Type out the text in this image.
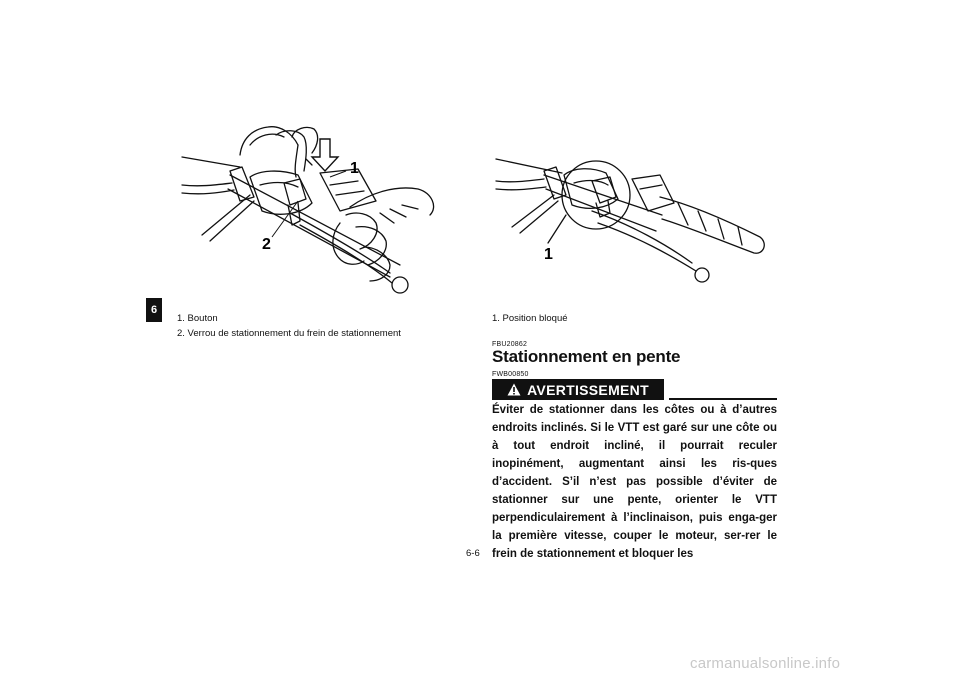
6
1
2
1
1. Bouton
2. Verrou de stationnement du frein de stationnement
1. Position bloqué
FBU20862
Stationnement en pente
FWB00850
AVERTISSEMENT

Éviter de stationner dans les côtes ou à d’autres endroits inclinés. Si le VTT est garé sur une côte ou à tout endroit incliné, il pourrait reculer inopinément, augmentant ainsi les ris-ques d’accident. S’il n’est pas possible d’éviter de stationner sur une pente, orienter le VTT perpendiculairement à l’inclinaison, puis enga-ger la première vitesse, couper le moteur, ser-rer le frein de stationnement et bloquer les

6-6
carmanualsonline.info
